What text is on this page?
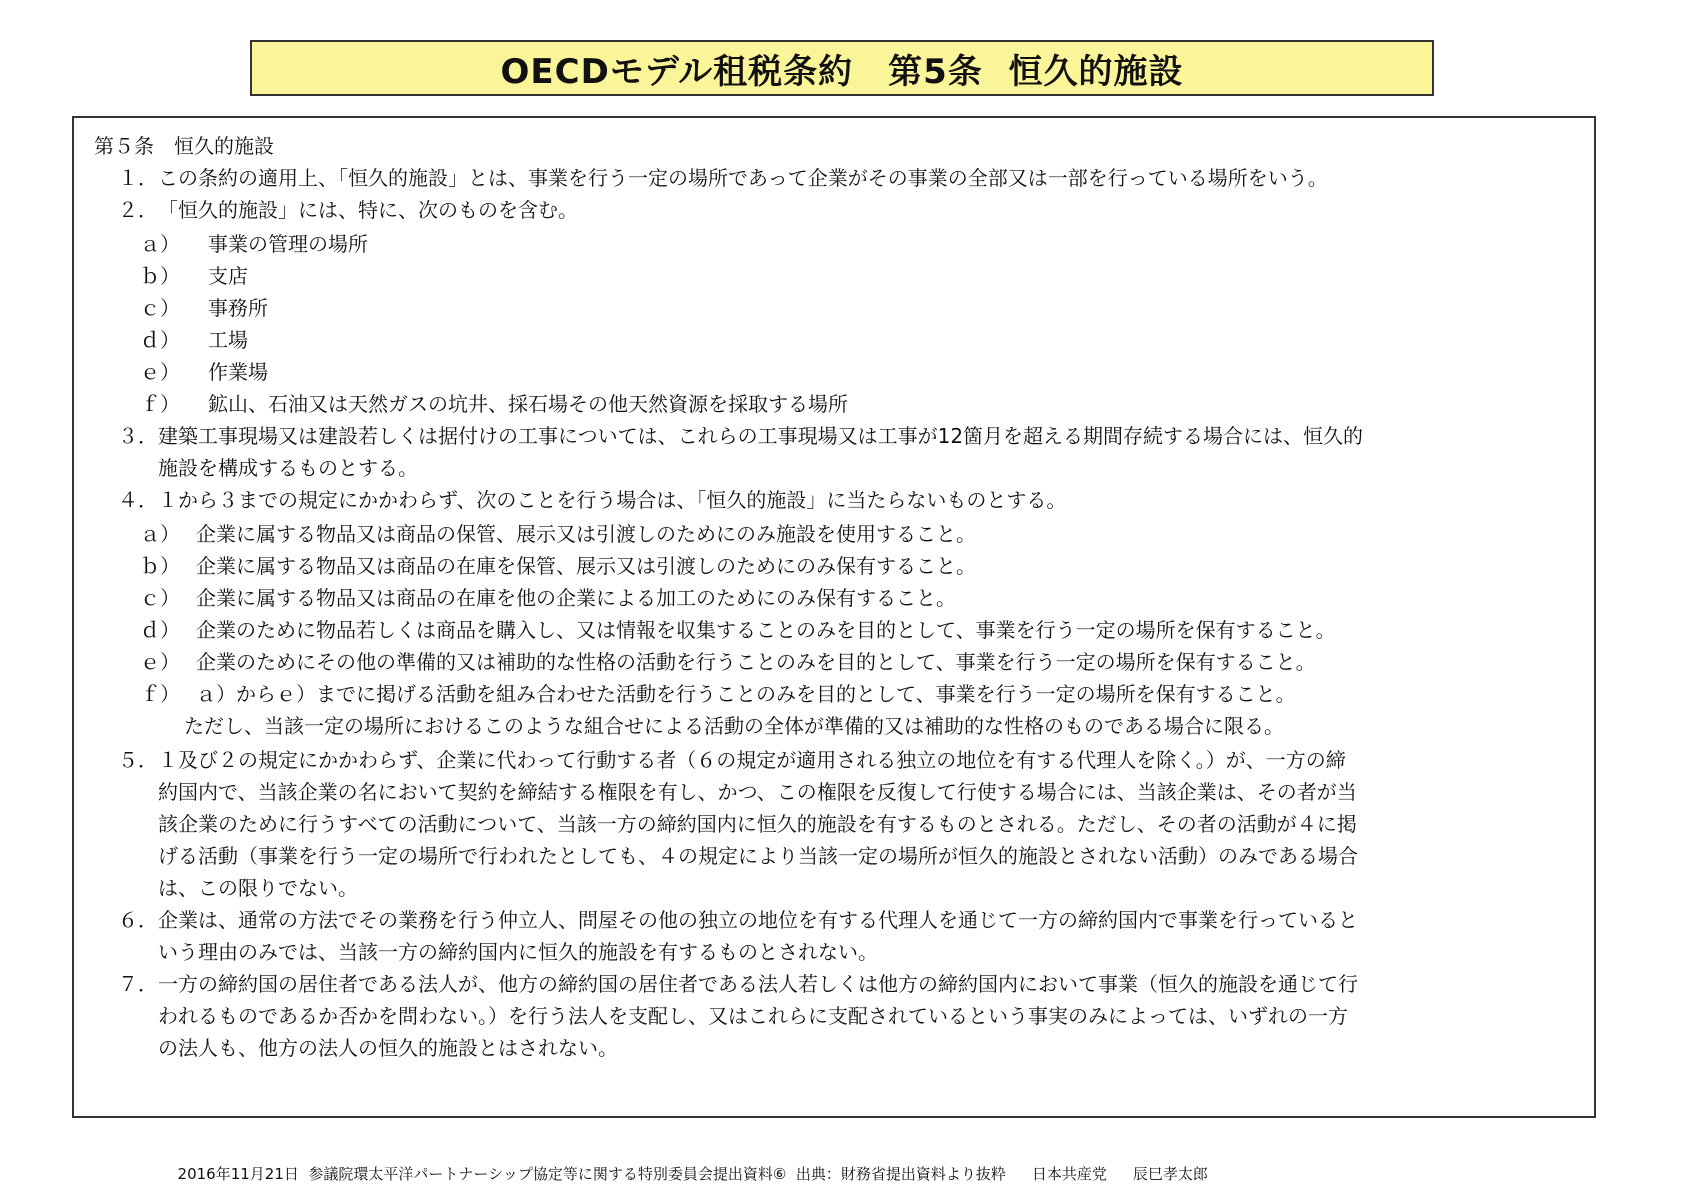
OECDモデル租税条約　第5条  恒久的施設
第５条　恒久的施設
１． この条約の適用上、「恒久的施設」とは、事業を行う一定の場所であって企業がその事業の全部又は一部を行っている場所をいう。
２． 「恒久的施設」には、特に、次のものを含む。
ａ） 事業の管理の場所
ｂ） 支店
ｃ） 事務所
ｄ） 工場
ｅ） 作業場
ｆ） 鉱山、石油又は天然ガスの坑井、採石場その他天然資源を採取する場所
３． 建築工事現場又は建設若しくは据付けの工事については、これらの工事現場又は工事が12箇月を超える期間存続する場合には、恒久的
施設を構成するものとする。
４． １から３までの規定にかかわらず、次のことを行う場合は、「恒久的施設」に当たらないものとする。
ａ） 企業に属する物品又は商品の保管、展示又は引渡しのためにのみ施設を使用すること。
ｂ） 企業に属する物品又は商品の在庫を保管、展示又は引渡しのためにのみ保有すること。
ｃ） 企業に属する物品又は商品の在庫を他の企業による加工のためにのみ保有すること。
ｄ） 企業のために物品若しくは商品を購入し、又は情報を収集することのみを目的として、事業を行う一定の場所を保有すること。
ｅ） 企業のためにその他の準備的又は補助的な性格の活動を行うことのみを目的として、事業を行う一定の場所を保有すること。
ｆ） ａ）からｅ）までに掲げる活動を組み合わせた活動を行うことのみを目的として、事業を行う一定の場所を保有すること。
ただし、当該一定の場所におけるこのような組合せによる活動の全体が準備的又は補助的な性格のものである場合に限る。
５． １及び２の規定にかかわらず、企業に代わって行動する者（６の規定が適用される独立の地位を有する代理人を除く。）が、一方の締
約国内で、当該企業の名において契約を締結する権限を有し、かつ、この権限を反復して行使する場合には、当該企業は、その者が当
該企業のために行うすべての活動について、当該一方の締約国内に恒久的施設を有するものとされる。ただし、その者の活動が４に掲
げる活動（事業を行う一定の場所で行われたとしても、４の規定により当該一定の場所が恒久的施設とされない活動）のみである場合
は、この限りでない。
６． 企業は、通常の方法でその業務を行う仲立人、問屋その他の独立の地位を有する代理人を通じて一方の締約国内で事業を行っていると
いう理由のみでは、当該一方の締約国内に恒久的施設を有するものとされない。
７． 一方の締約国の居住者である法人が、他方の締約国の居住者である法人若しくは他方の締約国内において事業（恒久的施設を通じて行
われるものであるか否かを問わない。）を行う法人を支配し、又はこれらに支配されているという事実のみによっては、いずれの一方
の法人も、他方の法人の恒久的施設とはされない。

2016年11月21日  参議院環太平洋パートナーシップ協定等に関する特別委員会提出資料⑥  出典：財務省提出資料より抜粋 日本共産党 辰巳孝太郎
